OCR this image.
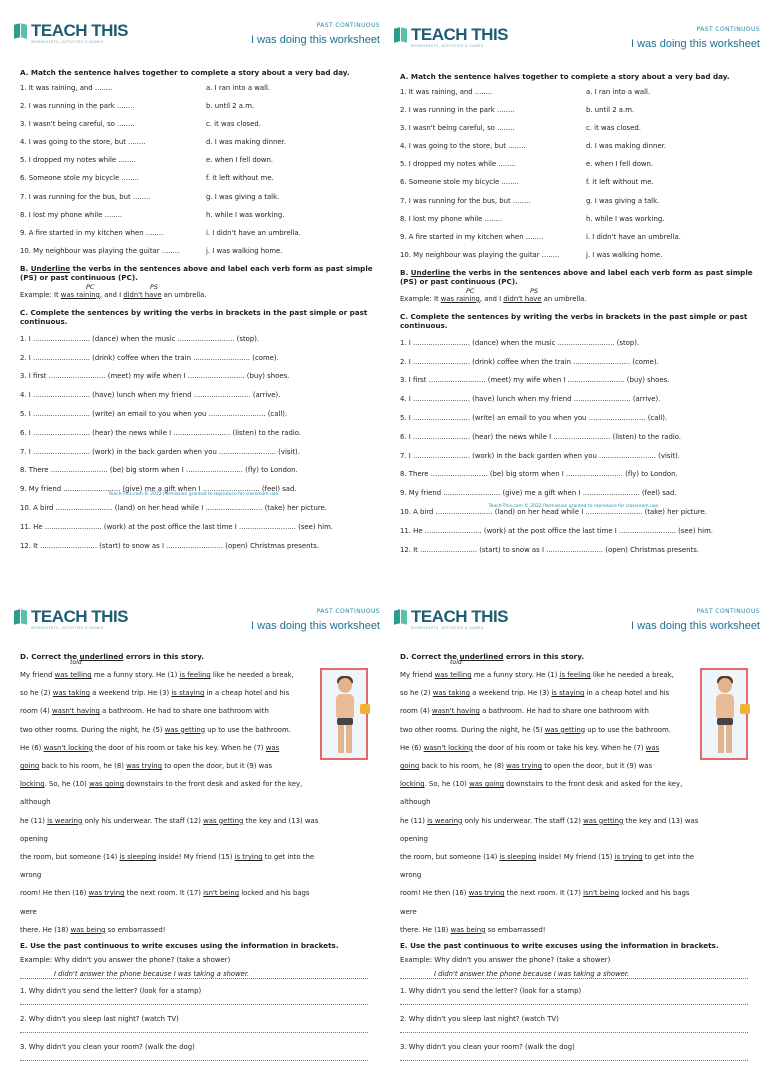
TEACH THIS
WORKSHEETS, ACTIVITIES & GAMES
PAST CONTINUOUS
I was doing this worksheet
A. Match the sentence halves together to complete a story about a very bad day.
1. It was raining, and ........	a. I ran into a wall.
2. I was running in the park ........	b. until 2 a.m.
3. I wasn't being careful, so ........	c. it was closed.
4. I was going to the store, but ........	d. I was making dinner.
5. I dropped my notes while ........	e. when I fell down.
6. Someone stole my bicycle ........	f. it left without me.
7. I was running for the bus, but ........	g. I was giving a talk.
8. I lost my phone while ........	h. while I was working.
9. A fire started in my kitchen when ........	i. I didn't have an umbrella.
10. My neighbour was playing the guitar ........	j. I was walking home.
B. Underline the verbs in the sentences above and label each verb form as past simple (PS) or past continuous (PC).
PC	PS
Example: It was raining, and I didn't have an umbrella.
C. Complete the sentences by writing the verbs in brackets in the past simple or past continuous.
1. I .......................... (dance) when the music .......................... (stop).
2. I .......................... (drink) coffee when the train .......................... (come).
3. I first .......................... (meet) my wife when I .......................... (buy) shoes.
4. I .......................... (have) lunch when my friend .......................... (arrive).
5. I .......................... (write) an email to you when you .......................... (call).
6. I .......................... (hear) the news while I .......................... (listen) to the radio.
7. I .......................... (work) in the back garden when you .......................... (visit).
8. There .......................... (be) big storm when I .......................... (fly) to London.
9. My friend .......................... (give) me a gift when I .......................... (feel) sad.
10. A bird .......................... (land) on her head while I .......................... (take) her picture.
11. He .......................... (work) at the post office the last time I .......................... (see) him.
12. It .......................... (start) to snow as I .......................... (open) Christmas presents.
Teach-This.com © 2022 Permission granted to reproduce for classroom use.
TEACH THIS
WORKSHEETS, ACTIVITIES & GAMES
PAST CONTINUOUS
I was doing this worksheet
A. Match the sentence halves together to complete a story about a very bad day.
1. It was raining, and ........	a. I ran into a wall.
2. I was running in the park ........	b. until 2 a.m.
3. I wasn't being careful, so ........	c. it was closed.
4. I was going to the store, but ........	d. I was making dinner.
5. I dropped my notes while ........	e. when I fell down.
6. Someone stole my bicycle ........	f. it left without me.
7. I was running for the bus, but ........	g. I was giving a talk.
8. I lost my phone while ........	h. while I was working.
9. A fire started in my kitchen when ........	i. I didn't have an umbrella.
10. My neighbour was playing the guitar ........	j. I was walking home.
B. Underline the verbs in the sentences above and label each verb form as past simple (PS) or past continuous (PC).
PC	PS
Example: It was raining, and I didn't have an umbrella.
C. Complete the sentences by writing the verbs in brackets in the past simple or past continuous.
1. I .......................... (dance) when the music .......................... (stop).
2. I .......................... (drink) coffee when the train .......................... (come).
3. I first .......................... (meet) my wife when I .......................... (buy) shoes.
4. I .......................... (have) lunch when my friend .......................... (arrive).
5. I .......................... (write) an email to you when you .......................... (call).
6. I .......................... (hear) the news while I .......................... (listen) to the radio.
7. I .......................... (work) in the back garden when you .......................... (visit).
8. There .......................... (be) big storm when I .......................... (fly) to London.
9. My friend .......................... (give) me a gift when I .......................... (feel) sad.
10. A bird .......................... (land) on her head while I .......................... (take) her picture.
11. He .......................... (work) at the post office the last time I .......................... (see) him.
12. It .......................... (start) to snow as I .......................... (open) Christmas presents.
Teach-This.com © 2022 Permission granted to reproduce for classroom use.
TEACH THIS
WORKSHEETS, ACTIVITIES & GAMES
PAST CONTINUOUS
I was doing this worksheet
D. Correct the underlined errors in this story.
told
My friend was telling me a funny story. He (1) is feeling like he needed a break,
so he (2) was taking a weekend trip. He (3) is staying in a cheap hotel and his
room (4) wasn't having a bathroom. He had to share one bathroom with
two other rooms. During the night, he (5) was getting up to use the bathroom.
He (6) wasn't locking the door of his room or take his key. When he (7) was
going back to his room, he (8) was trying to open the door, but it (9) was
locking. So, he (10) was going downstairs to the front desk and asked for the key, although
he (11) is wearing only his underwear. The staff (12) was getting the key and (13) was opening
the room, but someone (14) is sleeping inside! My friend (15) is trying to get into the wrong
room! He then (16) was trying the next room. It (17) isn't being locked and his bags were
there. He (18) was being so embarrassed!
E. Use the past continuous to write excuses using the information in brackets.
Example: Why didn't you answer the phone? (take a shower)
I didn't answer the phone because I was taking a shower.
1. Why didn't you send the letter? (look for a stamp)
2. Why didn't you sleep last night? (watch TV)
3. Why didn't you clean your room? (walk the dog)
TEACH THIS
WORKSHEETS, ACTIVITIES & GAMES
PAST CONTINUOUS
I was doing this worksheet
D. Correct the underlined errors in this story.
told
My friend was telling me a funny story. He (1) is feeling like he needed a break,
so he (2) was taking a weekend trip. He (3) is staying in a cheap hotel and his
room (4) wasn't having a bathroom. He had to share one bathroom with
two other rooms. During the night, he (5) was getting up to use the bathroom.
He (6) wasn't locking the door of his room or take his key. When he (7) was
going back to his room, he (8) was trying to open the door, but it (9) was
locking. So, he (10) was going downstairs to the front desk and asked for the key, although
he (11) is wearing only his underwear. The staff (12) was getting the key and (13) was opening
the room, but someone (14) is sleeping inside! My friend (15) is trying to get into the wrong
room! He then (16) was trying the next room. It (17) isn't being locked and his bags were
there. He (18) was being so embarrassed!
E. Use the past continuous to write excuses using the information in brackets.
Example: Why didn't you answer the phone? (take a shower)
I didn't answer the phone because I was taking a shower.
1. Why didn't you send the letter? (look for a stamp)
2. Why didn't you sleep last night? (watch TV)
3. Why didn't you clean your room? (walk the dog)
